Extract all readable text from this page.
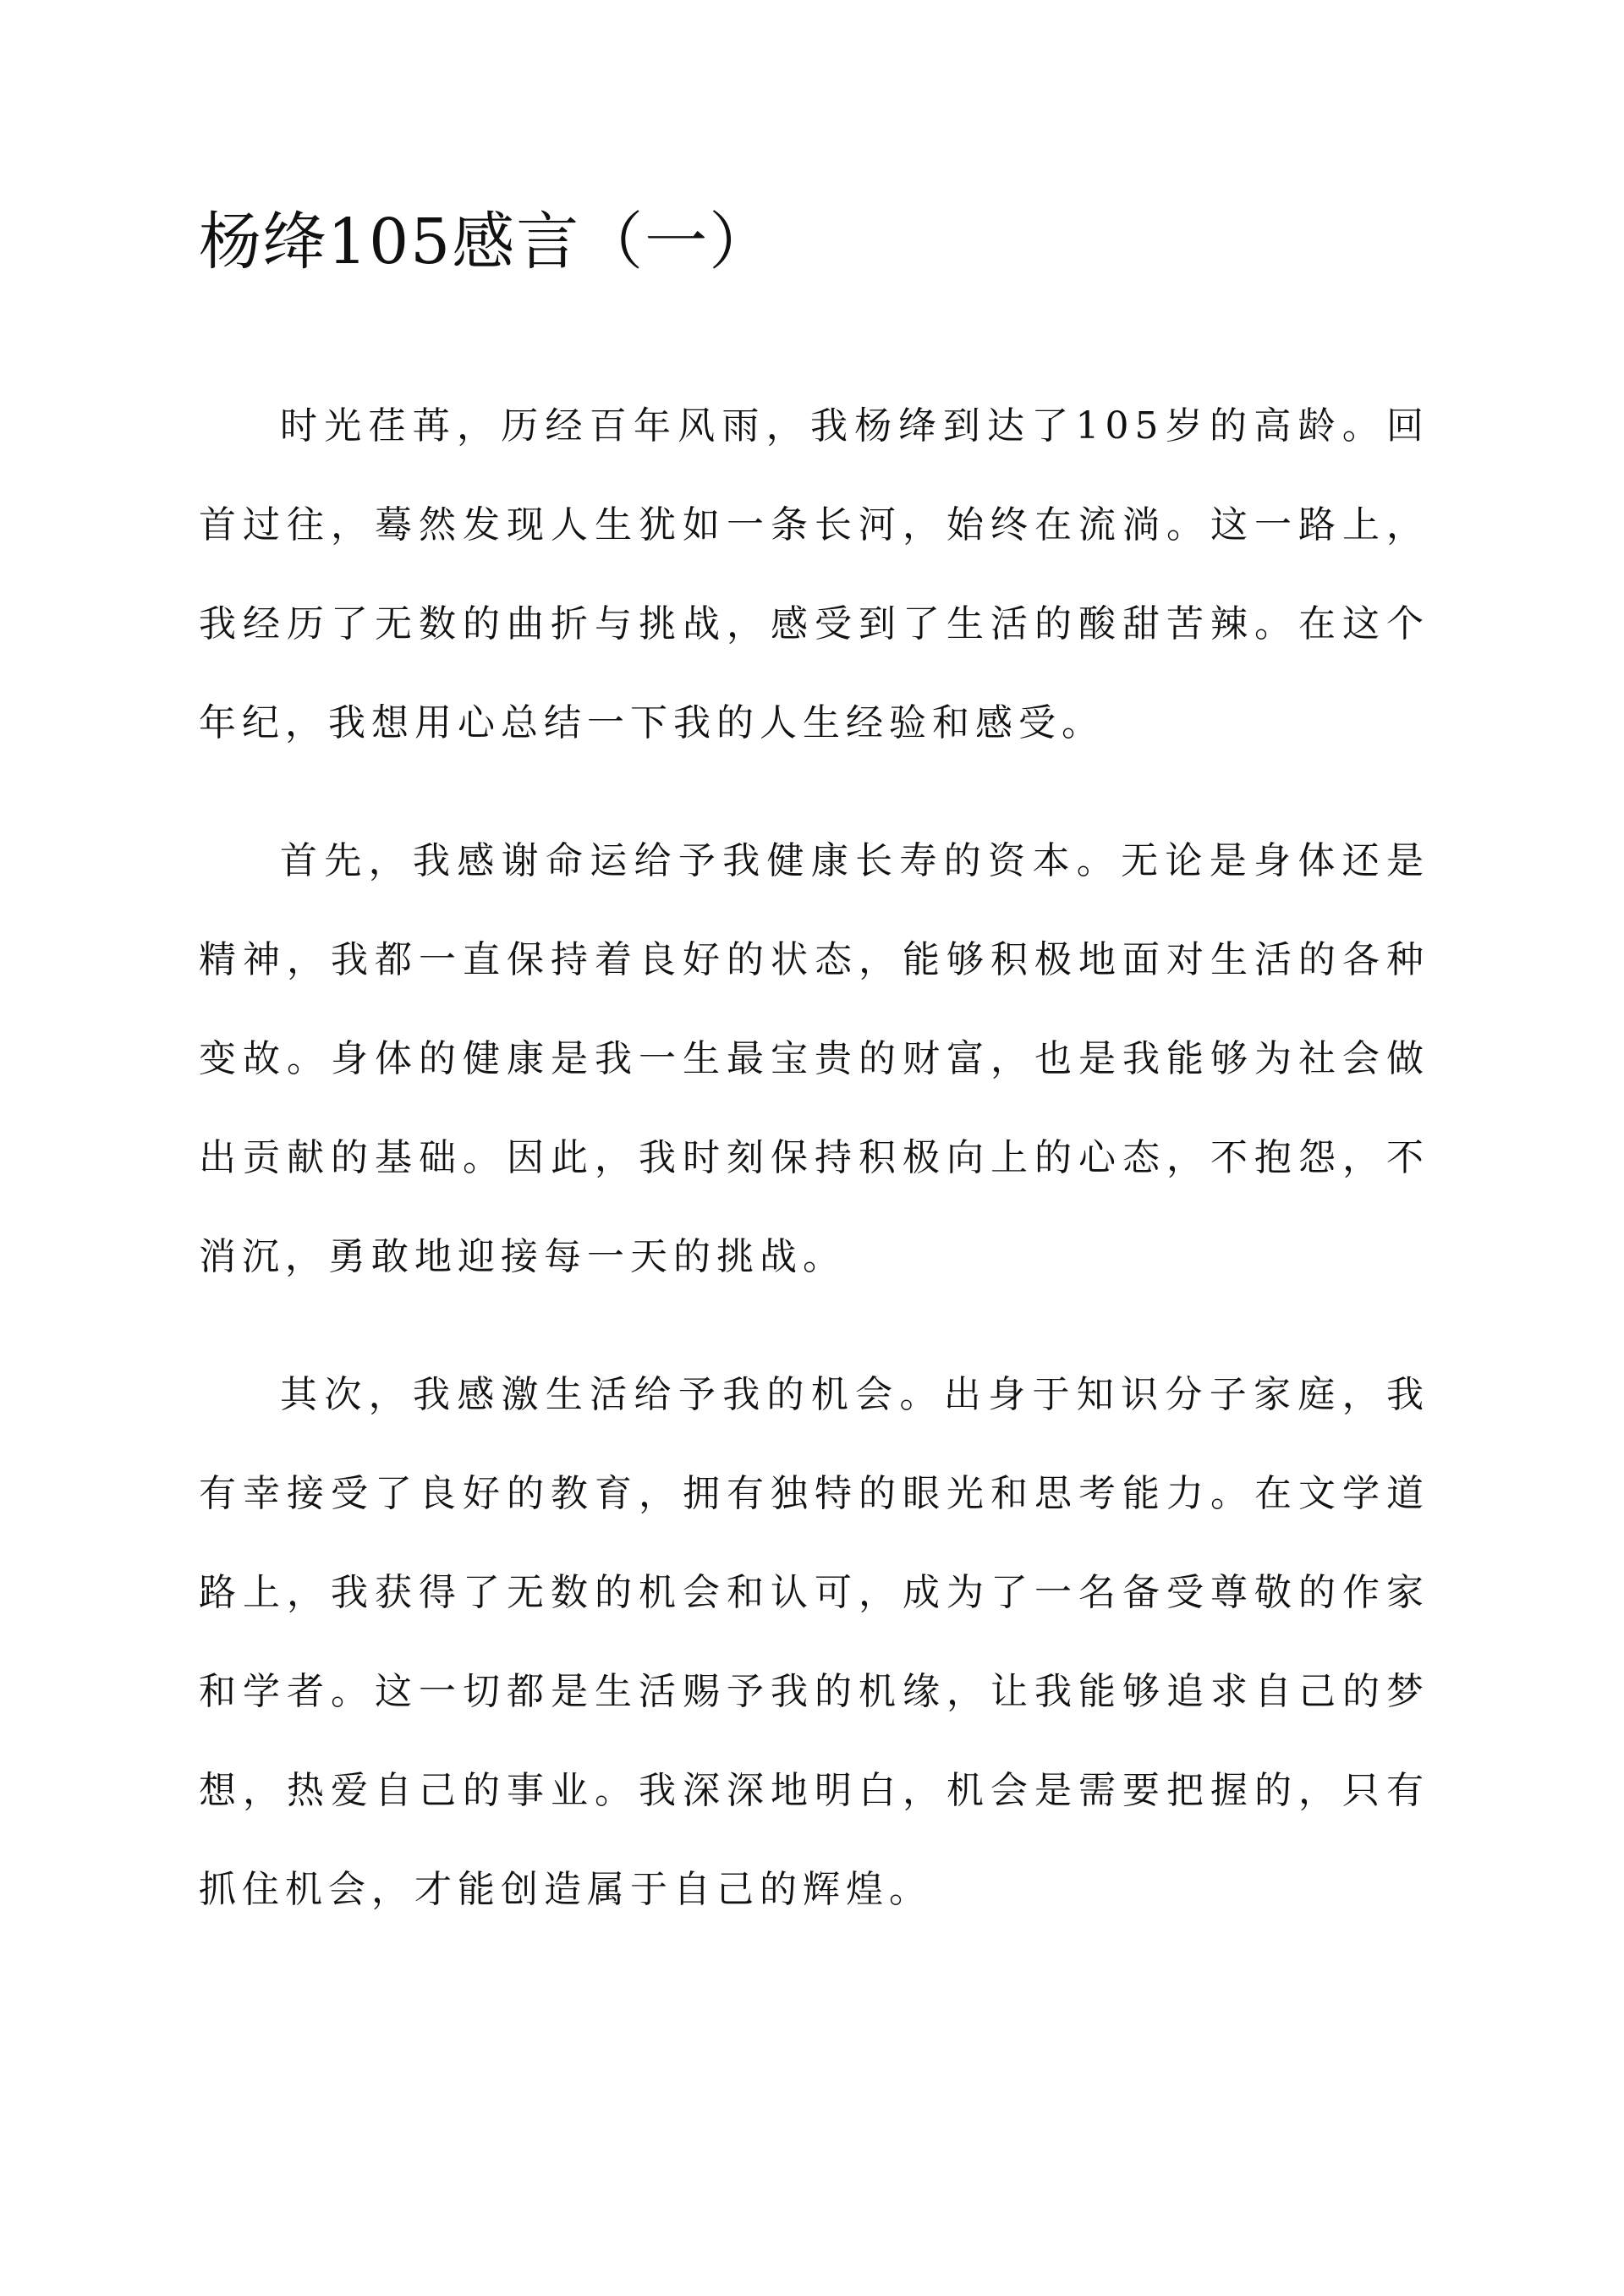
杨绛105感言（一）

时光荏苒，历经百年风雨，我杨绛到达了105岁的高龄。回首过往，蓦然发现人生犹如一条长河，始终在流淌。这一路上，我经历了无数的曲折与挑战，感受到了生活的酸甜苦辣。在这个年纪，我想用心总结一下我的人生经验和感受。

首先，我感谢命运给予我健康长寿的资本。无论是身体还是精神，我都一直保持着良好的状态，能够积极地面对生活的各种变故。身体的健康是我一生最宝贵的财富，也是我能够为社会做出贡献的基础。因此，我时刻保持积极向上的心态，不抱怨，不消沉，勇敢地迎接每一天的挑战。

其次，我感激生活给予我的机会。出身于知识分子家庭，我有幸接受了良好的教育，拥有独特的眼光和思考能力。在文学道路上，我获得了无数的机会和认可，成为了一名备受尊敬的作家和学者。这一切都是生活赐予我的机缘，让我能够追求自己的梦想，热爱自己的事业。我深深地明白，机会是需要把握的，只有抓住机会，才能创造属于自己的辉煌。
